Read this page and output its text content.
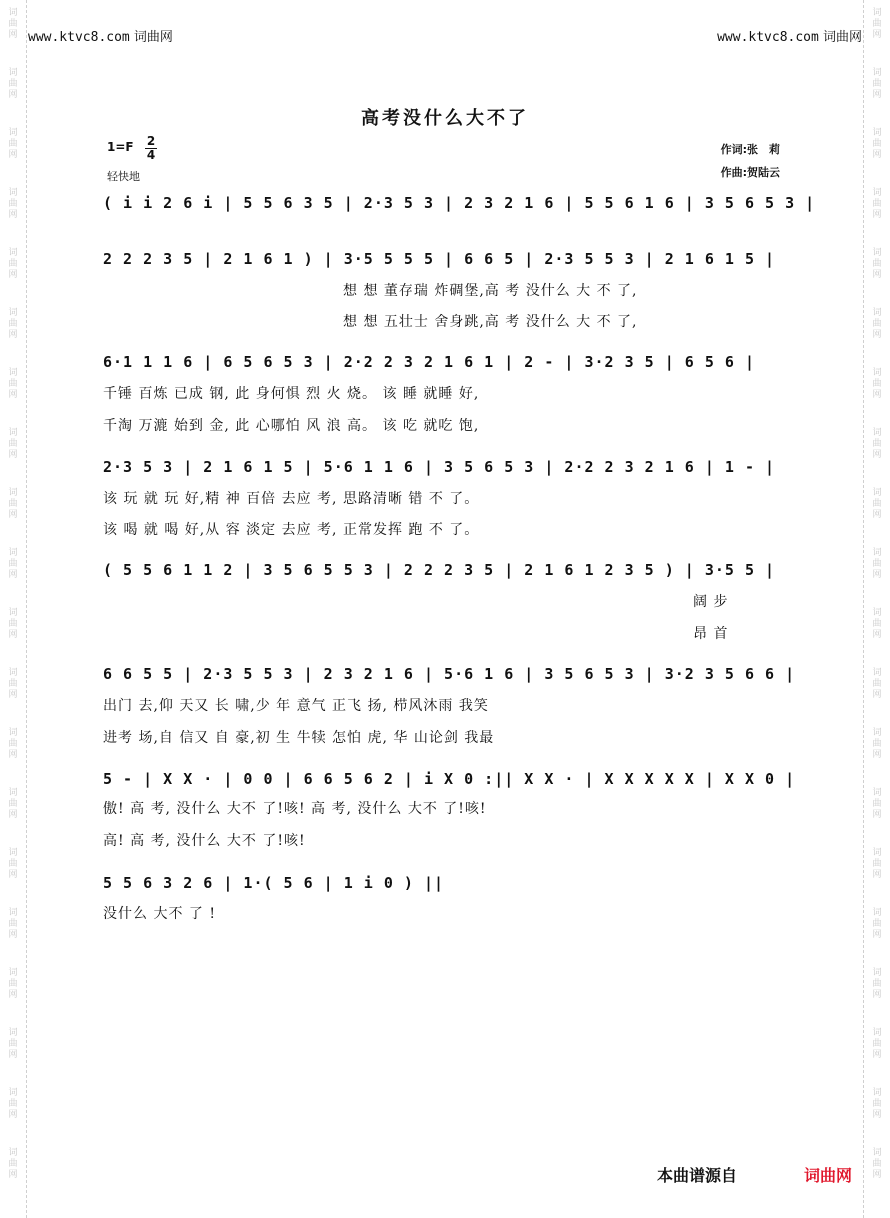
词
曲
网
词
曲
网
词
曲
网
词
曲
网
词
曲
网
词
曲
网
词
曲
网
词
曲
网
词
曲
网
词
曲
网
词
曲
网
词
曲
网
词
曲
网
词
曲
网
词
曲
网
词
曲
网
词
曲
网
词
曲
网
词
曲
网
词
曲
网
词
曲
网
词
曲
网
词
曲
网
词
曲
网
词
曲
网
词
曲
网
词
曲
网
词
曲
网
词
曲
网
词
曲
网
词
曲
网
词
曲
网
词
曲
网
词
曲
网
词
曲
网
词
曲
网
词
曲
网
词
曲
网
词
曲
网
词
曲
网
www.ktvc8.com 词曲网	www.ktvc8.com 词曲网
高考没什么大不了
1=F 2
4
轻快地
作词:张　莉
作曲:贺陆云
( i i 2 6 i | 5 5 6 3 5 | 2·3 5 3 | 2 3 2 1 6 | 5 5 6 1 6 | 3 5 6 5 3 |
2 2 2 3 5 | 2 1 6 1 ) | 3·5 5 5 5 | 6 6 5 | 2·3 5 5 3 | 2 1 6 1 5 |
想 想 董存瑞 炸碉堡,高 考 没什么 大 不 了,
想 想 五壮士 舍身跳,高 考 没什么 大 不 了,
6·1 1 1 6 | 6 5 6 5 3 | 2·2 2 3 2 1 6 1 | 2 - | 3·2 3 5 | 6 5 6 |
千锤 百炼 已成 钢, 此 身何惧 烈 火 烧。 该 睡 就睡 好,
千淘 万漉 始到 金, 此 心哪怕 风 浪 高。 该 吃 就吃 饱,
2·3 5 3 | 2 1 6 1 5 | 5·6 1 1 6 | 3 5 6 5 3 | 2·2 2 3 2 1 6 | 1 - |
该 玩 就 玩 好,精 神 百倍 去应 考, 思路清晰 错 不 了。
该 喝 就 喝 好,从 容 淡定 去应 考, 正常发挥 跑 不 了。
( 5 5 6 1 1 2 | 3 5 6 5 5 3 | 2 2 2 3 5 | 2 1 6 1 2 3 5 ) | 3·5 5 |
阔 步
昂 首
6 6 5 5 | 2·3 5 5 3 | 2 3 2 1 6 | 5·6 1 6 | 3 5 6 5 3 | 3·2 3 5 6 6 |
出门 去,仰 天又 长 啸,少 年 意气 正飞 扬, 栉风沐雨 我笑
进考 场,自 信又 自 豪,初 生 牛犊 怎怕 虎, 华 山论剑 我最
5 - | X X · | 0 0 | 6 6 5 6 2 | i X 0 :|| X X · | X X X X X | X X 0 |
傲! 高 考, 没什么 大不 了!咳! 高 考, 没什么 大不 了!咳!
高! 高 考, 没什么 大不 了!咳!
5 5 6 3 2 6 | 1·( 5 6 | 1 i 0 ) ||
没什么 大不 了 !
本曲谱源自	词曲网
